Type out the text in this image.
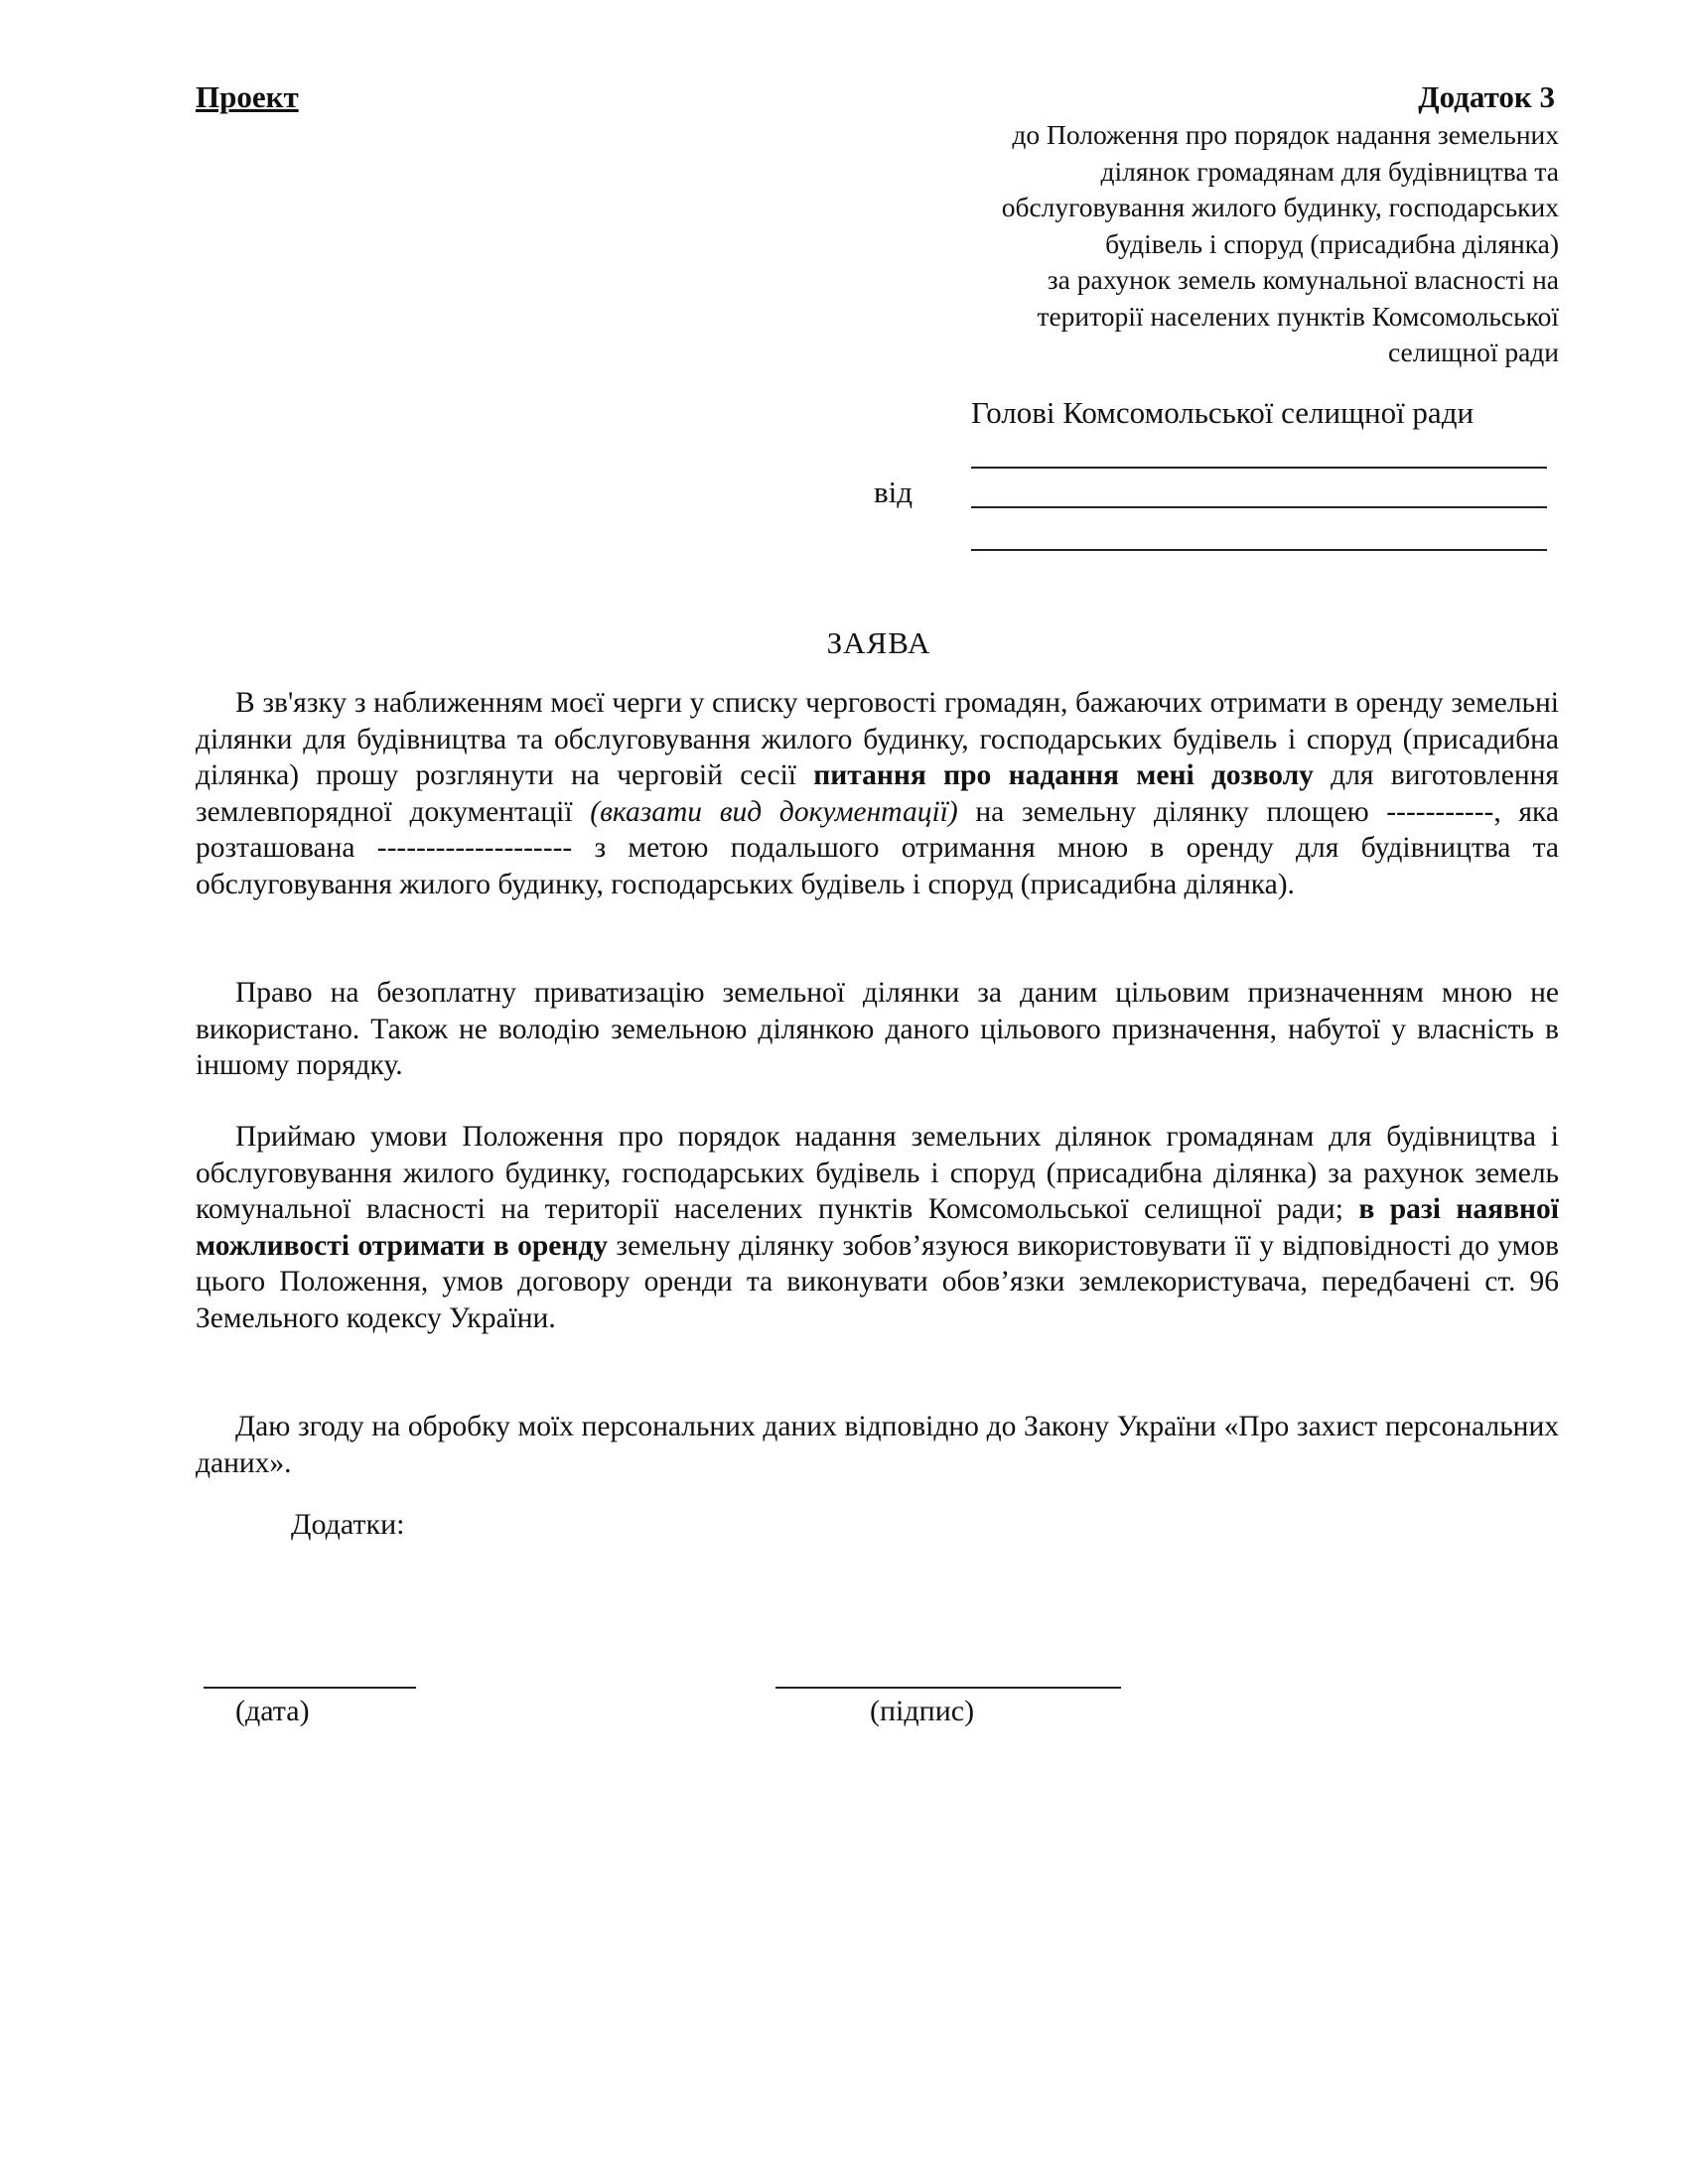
Проект	Додаток 3
до Положення про порядок надання земельних
ділянок громадянам для будівництва та
обслуговування жилого будинку, господарських
будівель і споруд (присадибна ділянка)
за рахунок земель комунальної власності на
території населених пунктів Комсомольської
селищної ради
Голові Комсомольської селищної ради
від
ЗАЯВА
В зв'язку з наближенням моєї черги у списку черговості громадян, бажаючих отримати в оренду земельні ділянки для будівництва та обслуговування жилого будинку, господарських будівель і споруд (присадибна ділянка) прошу розглянути на черговій сесії питання про надання мені дозволу для виготовлення землевпорядної документації (вказати вид документації) на земельну ділянку площею -----------, яка розташована -------------------- з метою подальшого отримання мною в оренду для будівництва та обслуговування жилого будинку, господарських будівель і споруд (присадибна ділянка).
Право на безоплатну приватизацію земельної ділянки за даним цільовим призначенням мною не використано. Також не володію земельною ділянкою даного цільового призначення, набутої у власність в іншому порядку.
Приймаю умови Положення про порядок надання земельних ділянок громадянам для будівництва і обслуговування жилого будинку, господарських будівель і споруд (присадибна ділянка) за рахунок земель комунальної власності на території населених пунктів Комсомольської селищної ради; в разі наявної можливості отримати в оренду земельну ділянку зобов’язуюся використовувати її у відповідності до умов цього Положення, умов договору оренди та виконувати обов’язки землекористувача, передбачені ст. 96 Земельного кодексу України.
Даю згоду на обробку моїх персональних даних відповідно до Закону України «Про захист персональних даних».
Додатки:
(дата)	(підпис)
